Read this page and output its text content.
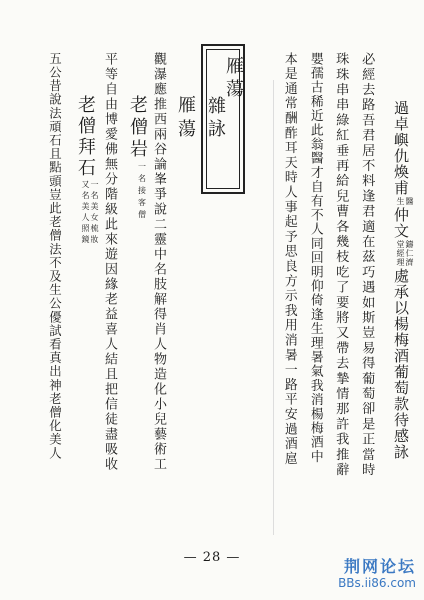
過卓嶼仇煥甫
醫
生
仲文
鑄仁濟
堂經理
處承以楊梅酒葡萄款待感詠
必經去路吾君居不料逢君適在茲巧遇如斯豈易得葡萄卻是正當時
珠珠串串綠紅垂再給兒曹各幾枝吃了要將又帶去摯情那許我推辭
嬰孺古稀近此翁醫才自有不人同回明仰倚逢生理暑氣我消楊梅酒中
本是通常酬酢耳天時人事起予思良方示我用消暑一路平安過酒扈
雁蕩
雜詠
雁蕩
觀瀑應推西兩谷論峯爭說二靈中名肢解得肖人物造化小兒藝術工
老僧岩
一名接客僧
平等自由博愛佛無分階級此來遊因緣老益喜人結且把信徒盡吸收
老僧拜石
一名美女梳妝
又名美人照鏡
五公昔說法頑石且點頭豈此老僧法不及生公優試看真出神老僧化美人
— 28 —	荆网论坛
BBs.ii86.com
